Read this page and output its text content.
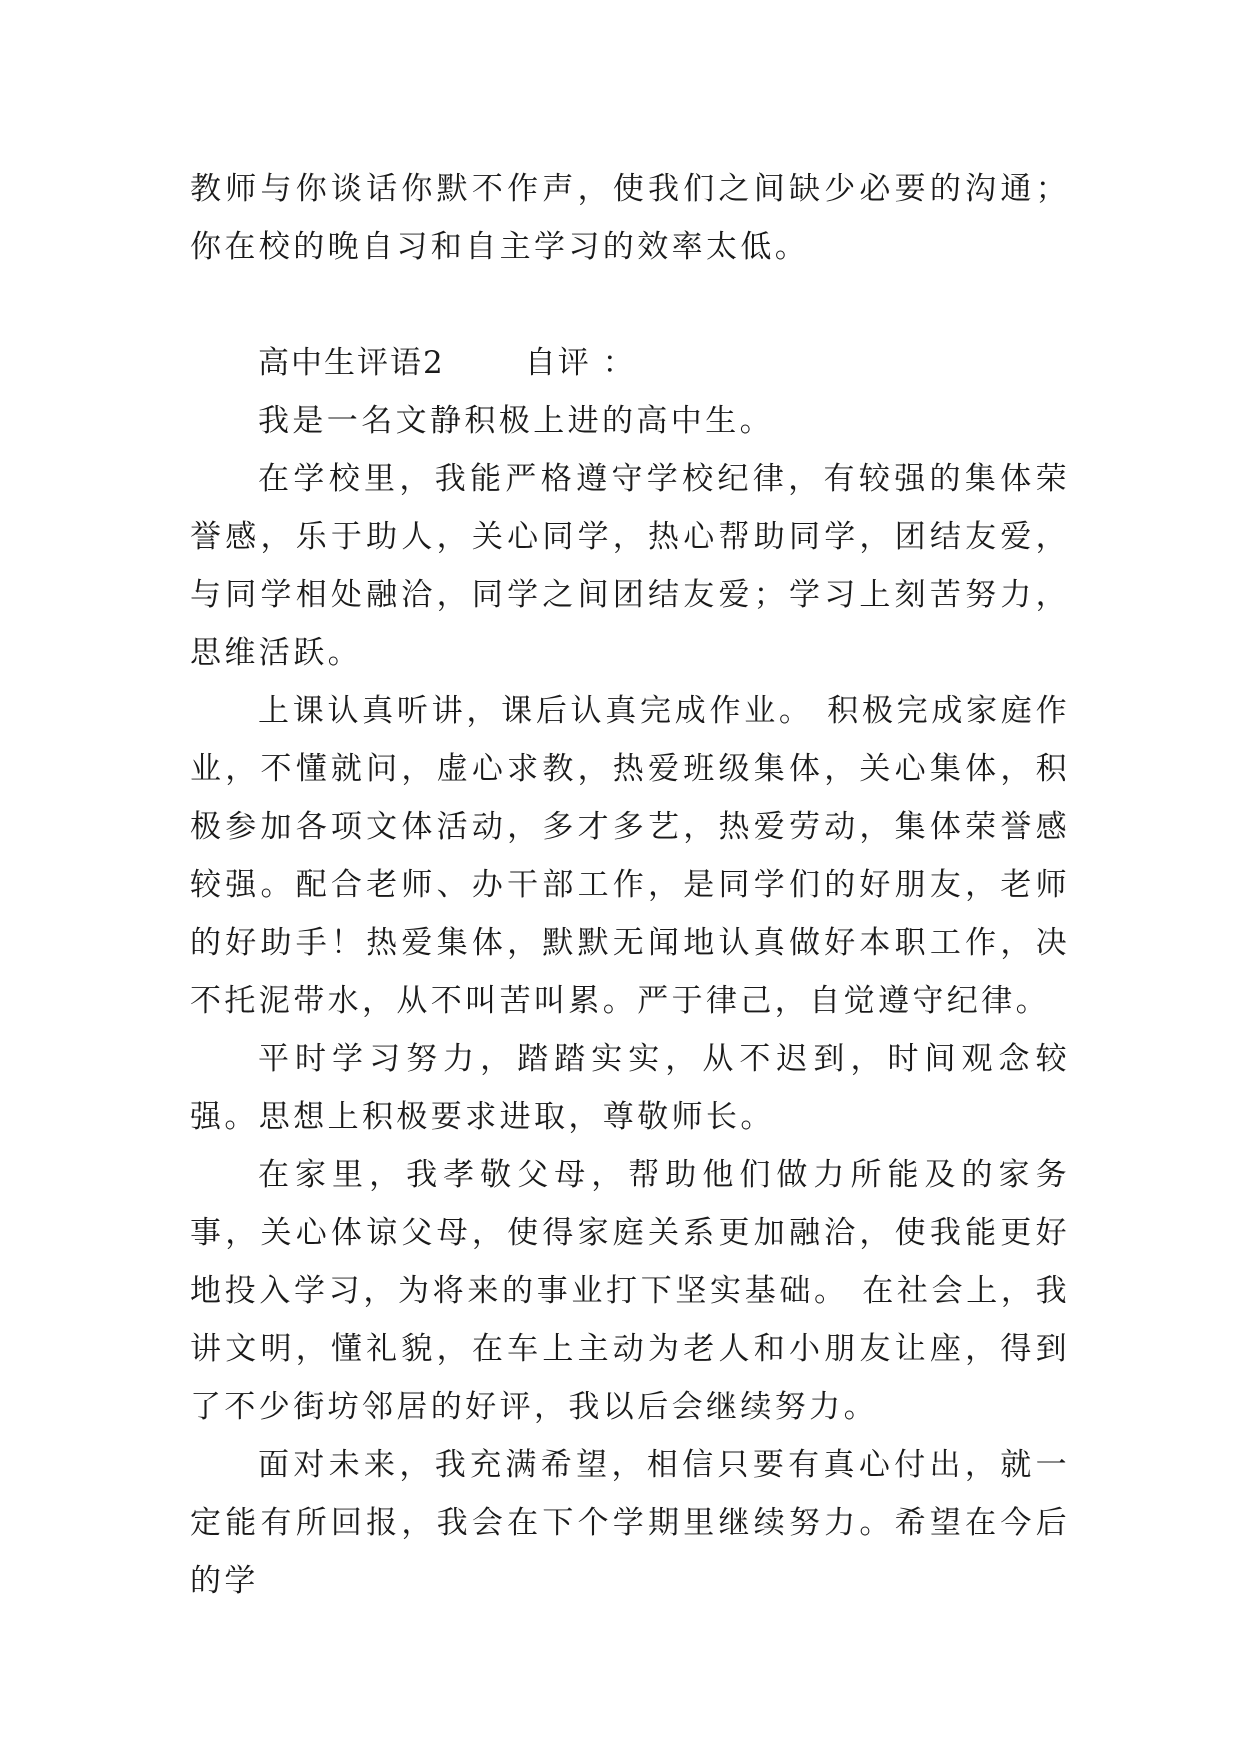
教师与你谈话你默不作声，使我们之间缺少必要的沟通；你在校的晚自习和自主学习的效率太低。

高中生评语2	自评 ：

我是一名文静积极上进的高中生。

在学校里，我能严格遵守学校纪律，有较强的集体荣誉感，乐于助人，关心同学，热心帮助同学，团结友爱，与同学相处融洽，同学之间团结友爱；学习上刻苦努力，思维活跃。

上课认真听讲，课后认真完成作业。 积极完成家庭作业，不懂就问，虚心求教，热爱班级集体，关心集体，积极参加各项文体活动，多才多艺，热爱劳动，集体荣誉感较强。配合老师、办干部工作，是同学们的好朋友，老师的好助手！热爱集体，默默无闻地认真做好本职工作，决不托泥带水，从不叫苦叫累。严于律己，自觉遵守纪律。

平时学习努力，踏踏实实，从不迟到，时间观念较强。思想上积极要求进取，尊敬师长。

在家里，我孝敬父母，帮助他们做力所能及的家务事，关心体谅父母，使得家庭关系更加融洽，使我能更好地投入学习，为将来的事业打下坚实基础。 在社会上，我讲文明，懂礼貌，在车上主动为老人和小朋友让座，得到了不少街坊邻居的好评，我以后会继续努力。

面对未来，我充满希望，相信只要有真心付出，就一定能有所回报，我会在下个学期里继续努力。希望在今后的学
